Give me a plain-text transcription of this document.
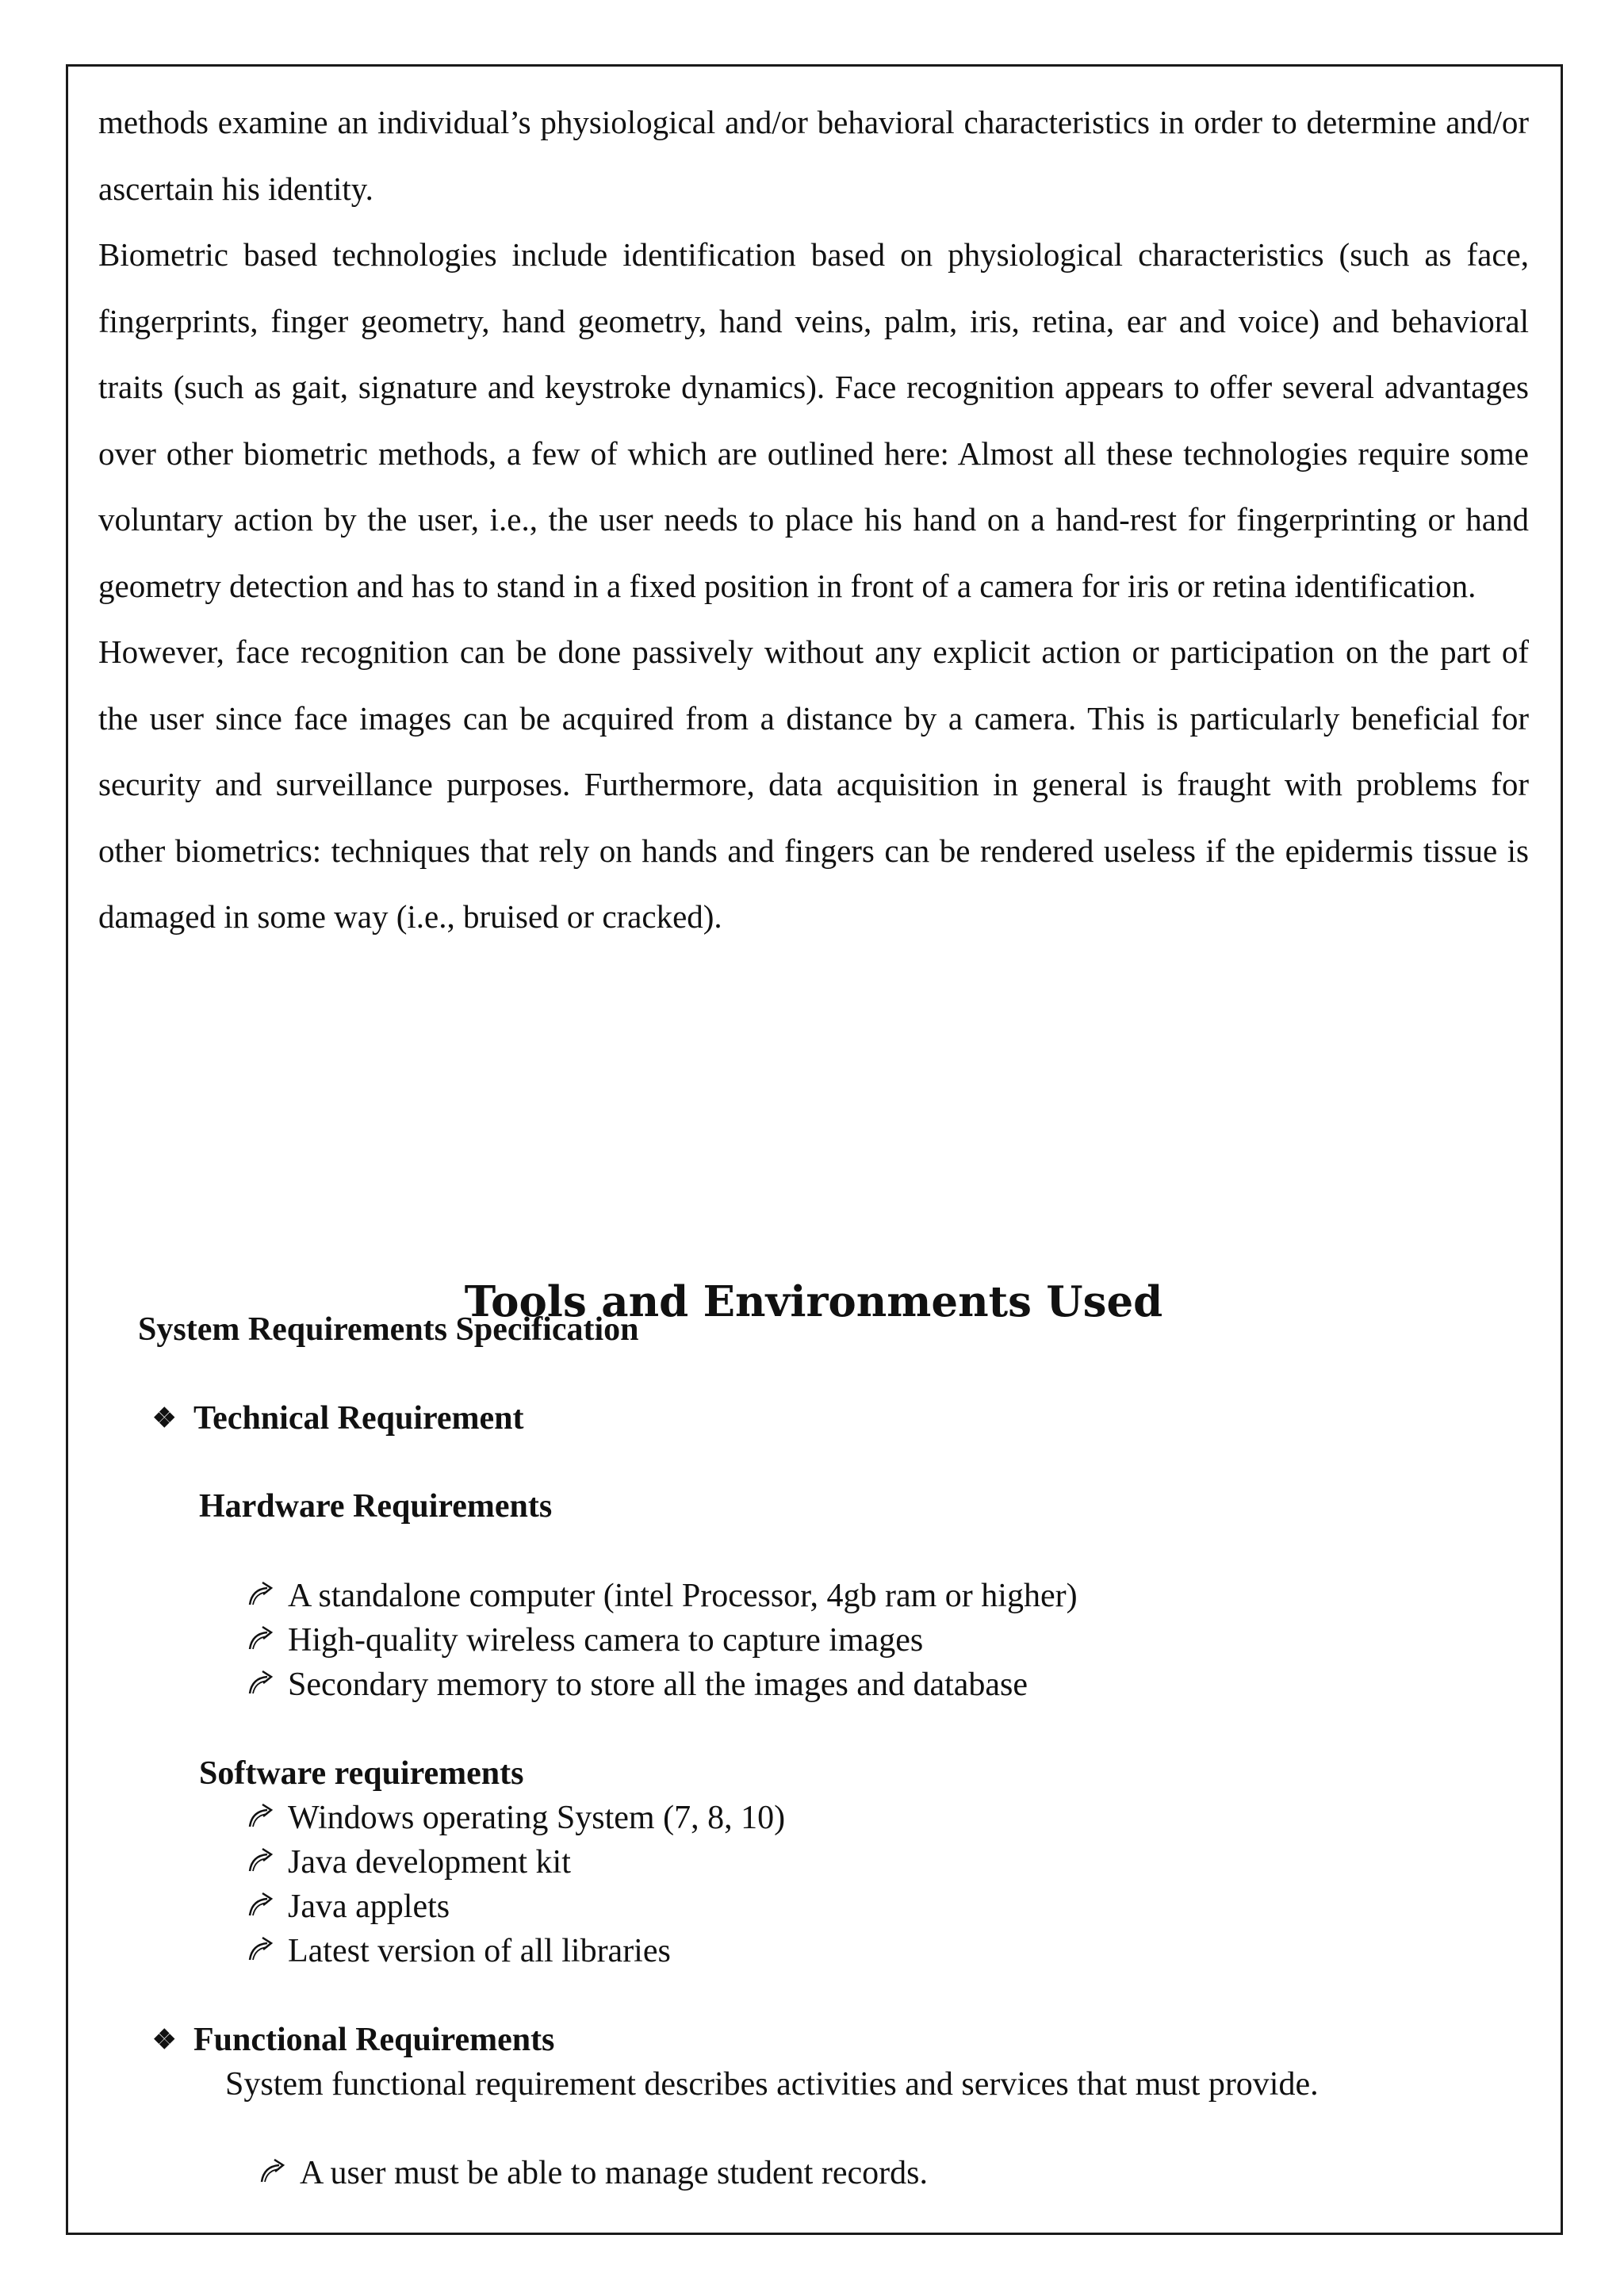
methods examine an individual’s physiological and/or behavioral characteristics in order to determine and/or ascertain his identity.

Biometric based technologies include identification based on physiological characteristics (such as face, fingerprints, finger geometry, hand geometry, hand veins, palm, iris, retina, ear and voice) and behavioral traits (such as gait, signature and keystroke dynamics). Face recognition appears to offer several advantages over other biometric methods, a few of which are outlined here: Almost all these technologies require some voluntary action by the user, i.e., the user needs to place his hand on a hand-rest for fingerprinting or hand geometry detection and has to stand in a fixed position in front of a camera for iris or retina identification.

However, face recognition can be done passively without any explicit action or participation on the part of the user since face images can be acquired from a distance by a camera. This is particularly beneficial for security and surveillance purposes. Furthermore, data acquisition in general is fraught with problems for other biometrics: techniques that rely on hands and fingers can be rendered useless if the epidermis tissue is damaged in some way (i.e., bruised or cracked).

Tools and Environments Used
System Requirements Specification
❖ Technical Requirement
Hardware Requirements
A standalone computer (intel Processor, 4gb ram or higher)
High-quality wireless camera to capture images
Secondary memory to store all the images and database
Software requirements
Windows operating System (7, 8, 10)
Java development kit
Java applets
Latest version of all libraries
❖ Functional Requirements
System functional requirement describes activities and services that must provide.
A user must be able to manage student records.
